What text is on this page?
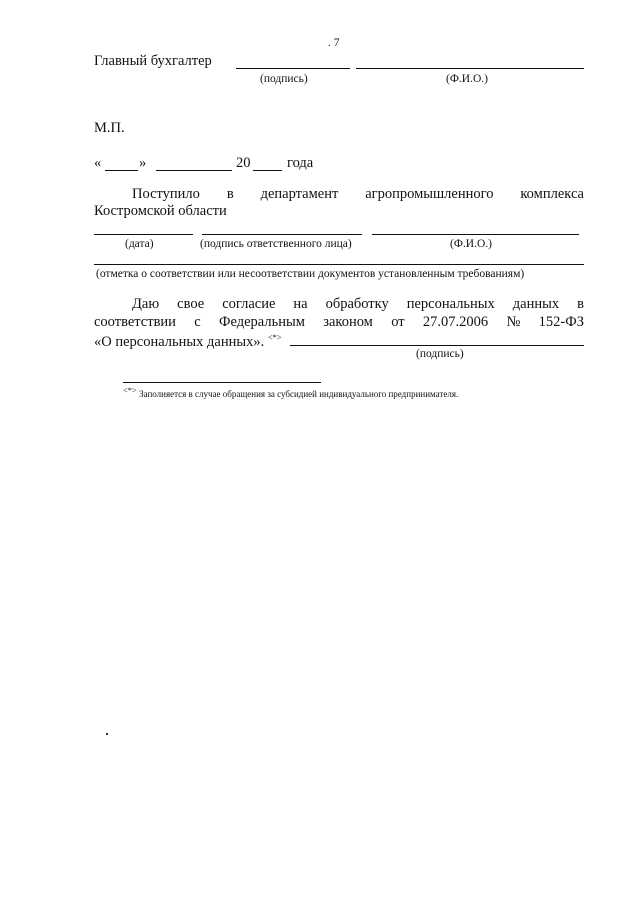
. 7
Главный бухгалтер
(подпись)	(Ф.И.О.)
М.П.
«	»	20	года
Поступило в департамент агропромышленного комплекса
Костромской области
(дата)	(подпись ответственного лица)	(Ф.И.О.)
(отметка о соответствии или несоответствии документов установленным требованиям)
Даю свое согласие на обработку персональных данных в
соответствии с Федеральным законом от 27.07.2006 № 152-ФЗ
«О персональных данных». <*>
(подпись)
<*> Заполняется в случае обращения за субсидией индивидуального предпринимателя.
